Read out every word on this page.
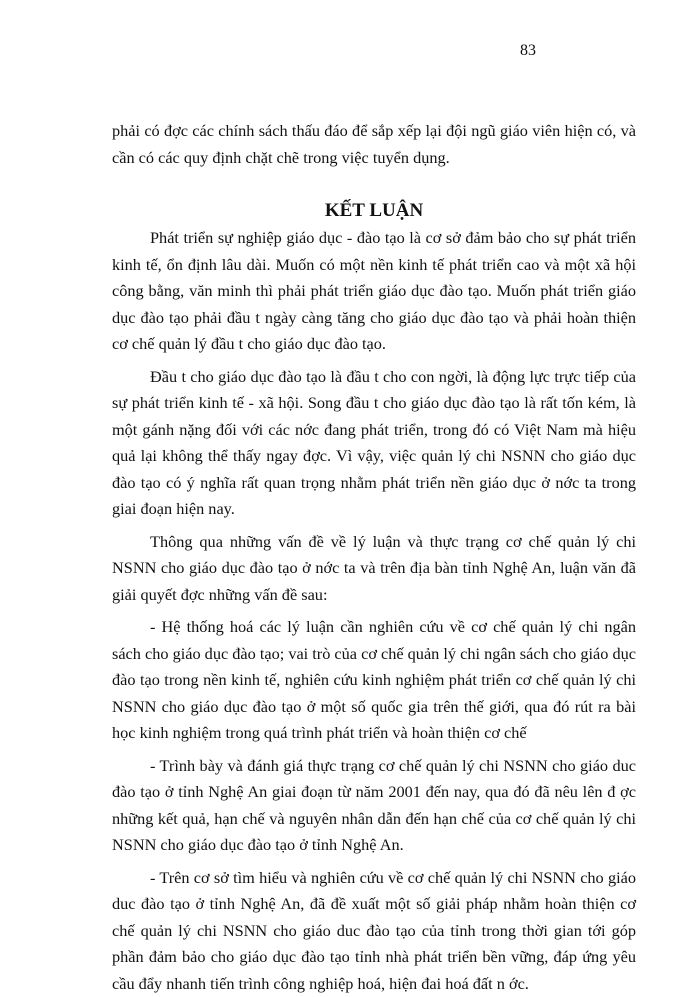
83

phải có đợc các chính sách thấu đáo để sắp xếp lại đội ngũ giáo viên hiện có, và cần có các quy định chặt chẽ trong việc tuyển dụng.

KẾT LUẬN

Phát triển sự nghiệp giáo dục - đào tạo là cơ sở đảm bảo cho sự phát triển kinh tế, ổn định lâu dài. Muốn có một nền kinh tế phát triển cao và một xã hội công bằng, văn minh thì phải phát triển giáo dục đào tạo. Muốn phát triển giáo dục đào tạo phải đầu t ngày càng tăng cho giáo dục đào tạo và phải hoàn thiện cơ chế quản lý đầu t cho giáo dục đào tạo.

Đầu t cho giáo dục đào tạo là đầu t cho con ngời, là động lực trực tiếp của sự phát triển kinh tế - xã hội. Song đầu t cho giáo dục đào tạo là rất tốn kém, là một gánh nặng đối với các nớc đang phát triển, trong đó có Việt Nam mà hiệu quả lại không thể thấy ngay đợc. Vì vậy, việc quản lý chi NSNN cho giáo dục đào tạo có ý nghĩa rất quan trọng nhằm phát triển nền giáo dục ở nớc ta trong giai đoạn hiện nay.

Thông qua những vấn đề về lý luận và thực trạng cơ chế quản lý chi NSNN cho giáo dục đào tạo ở nớc ta và trên địa bàn tỉnh Nghệ An, luận văn đã giải quyết đợc những vấn đề sau:

- Hệ thống hoá các lý luận cần nghiên cứu về cơ chế quản lý chi ngân sách cho giáo dục đào tạo; vai trò của cơ chế quản lý chi ngân sách cho giáo dục đào tạo trong nền kinh tế, nghiên cứu kinh nghiệm phát triển cơ chế quản lý chi NSNN cho giáo dục đào tạo ở một số quốc gia trên thế giới, qua đó rút ra bài học kinh nghiệm trong quá trình phát triển và hoàn thiện cơ chế

- Trình bày và đánh giá thực trạng cơ chế quản lý chi NSNN cho giáo duc đào tạo ở tỉnh Nghệ An giai đoạn từ năm 2001 đến nay, qua đó đã nêu lên đ ợc những kết quả, hạn chế và nguyên nhân dẫn đến hạn chế của cơ chế quản lý chi NSNN cho giáo dục đào tạo ở tỉnh Nghệ An.

- Trên cơ sở tìm hiểu và nghiên cứu về cơ chế quản lý chi NSNN cho giáo duc đào tạo ở tỉnh Nghệ An, đã đề xuất một số giải pháp nhằm hoàn thiện cơ chế quản lý chi NSNN cho giáo duc đào tạo của tỉnh trong thời gian tới góp phần đảm bảo cho giáo dục đào tạo tỉnh nhà phát triển bền vững, đáp ứng yêu cầu đẩy nhanh tiến trình công nghiệp hoá, hiện đai hoá đất n ớc.
